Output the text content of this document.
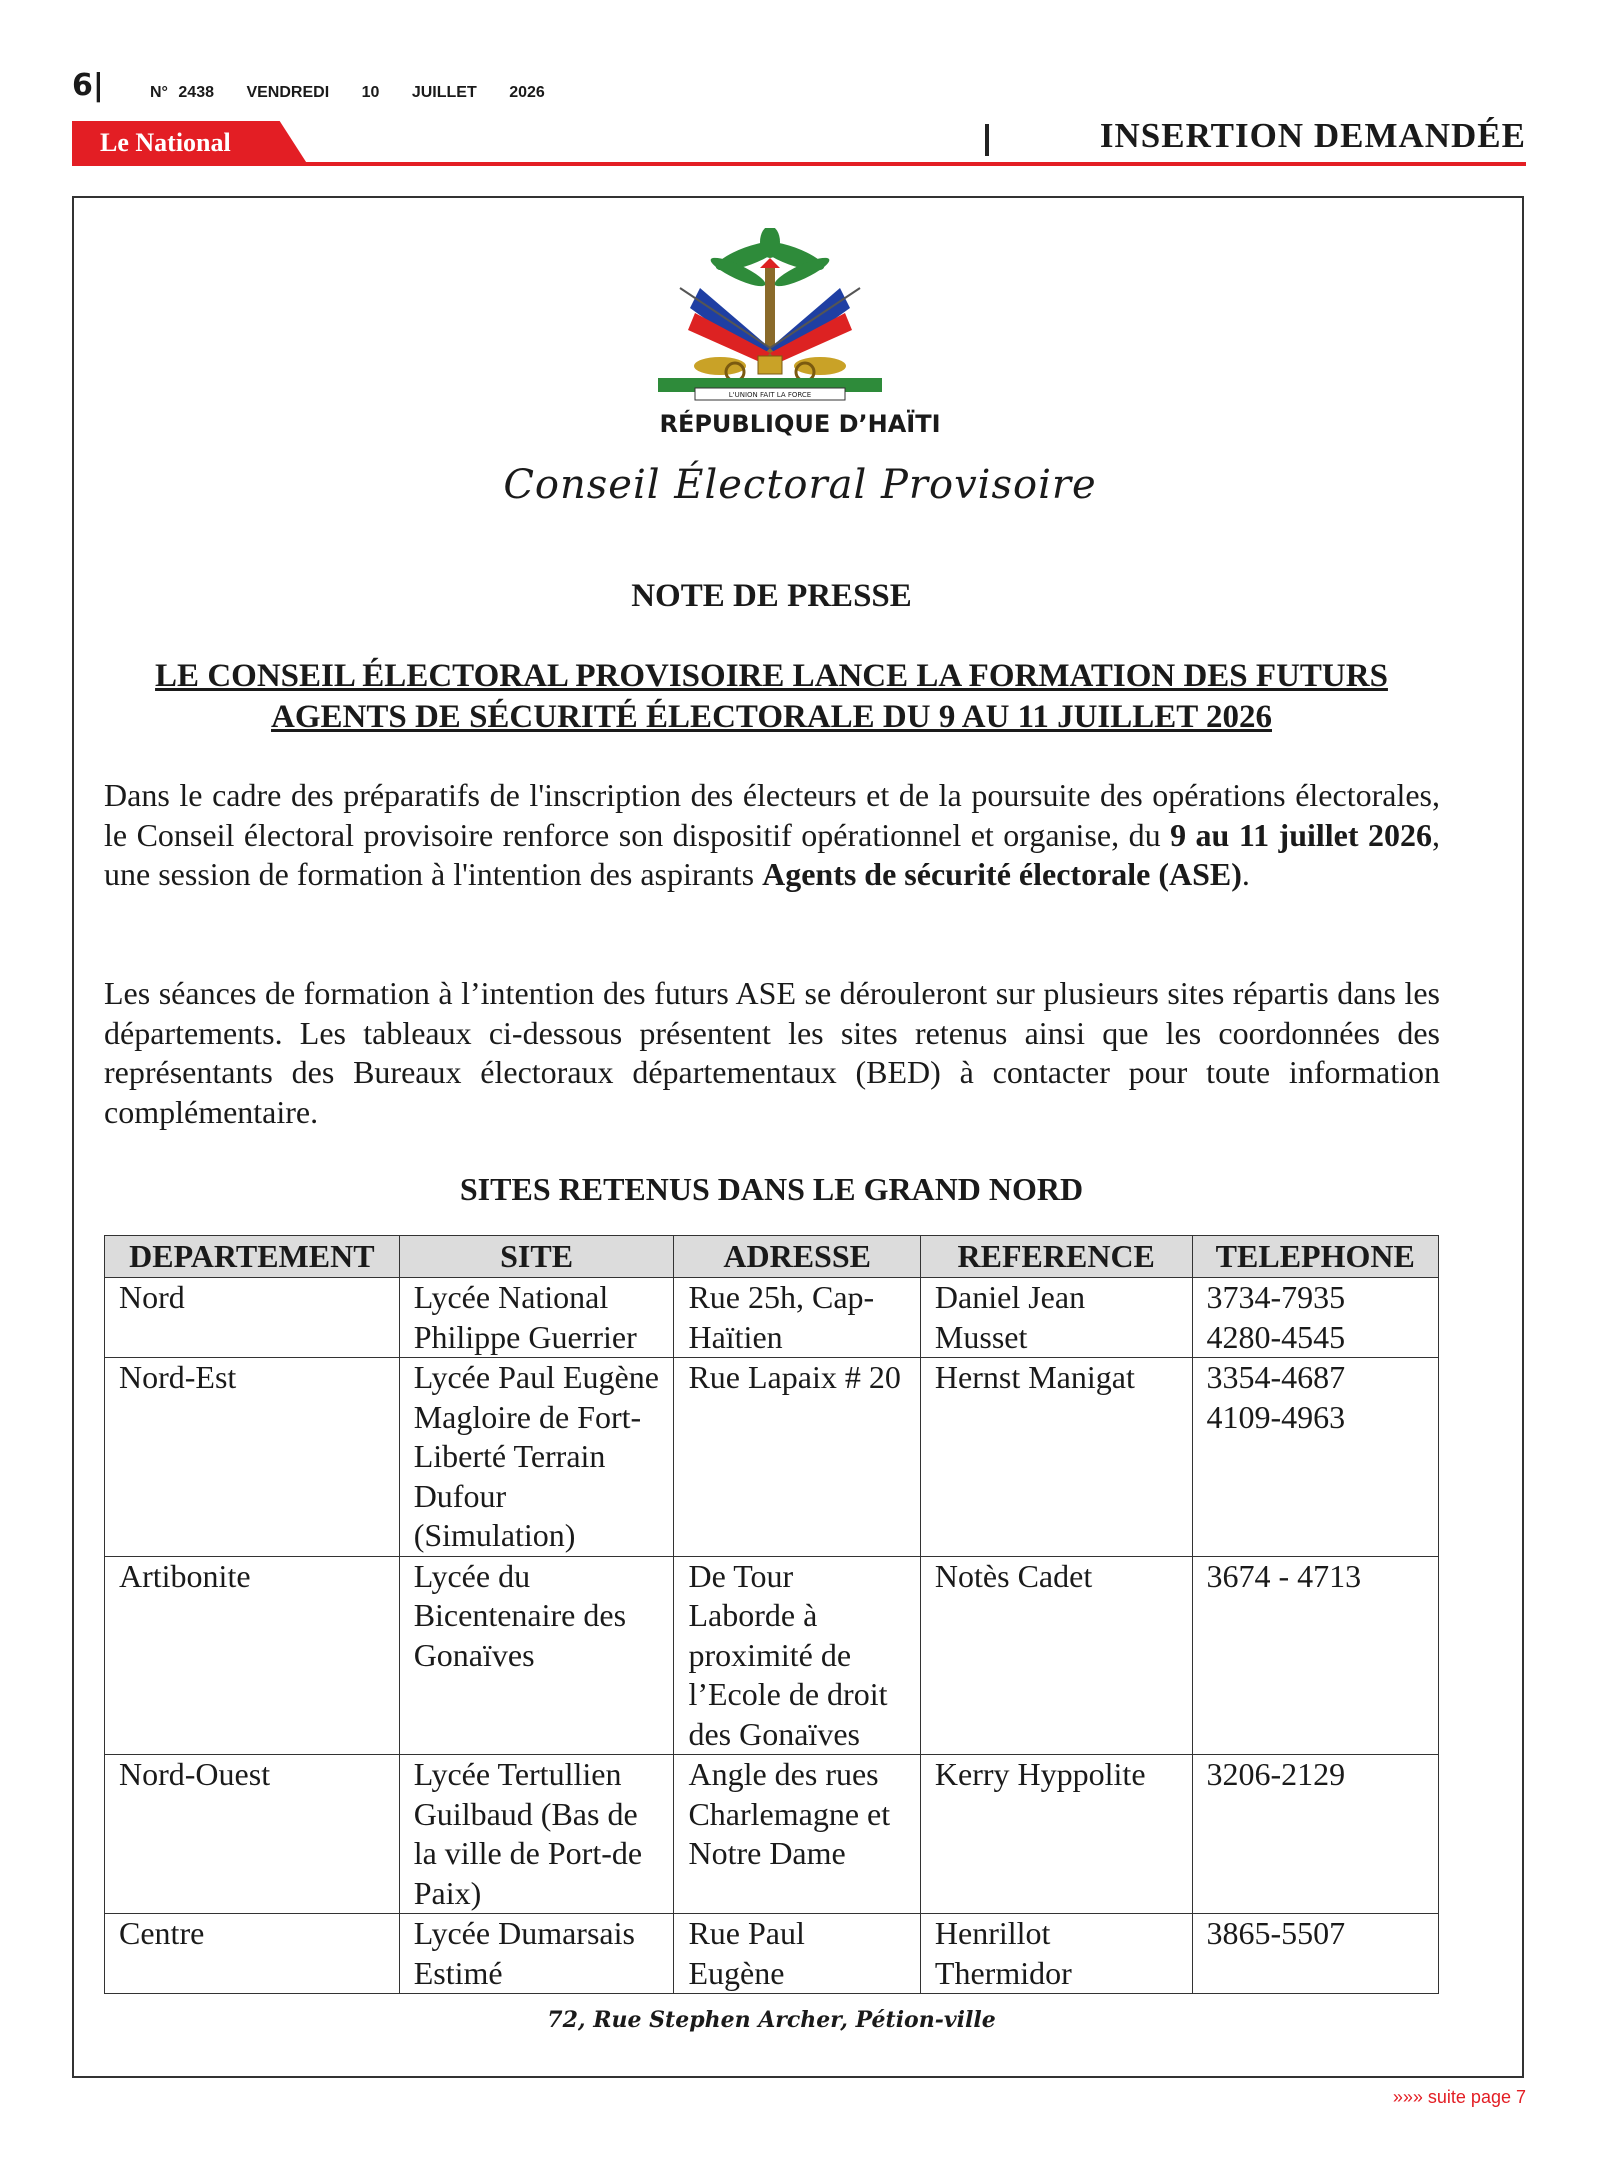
6|	N° 2438 VENDREDI 10 JUILLET 2026
Le National	INSERTION DEMANDÉE
L'UNION FAIT LA FORCE
RÉPUBLIQUE D’HAÏTI
Conseil Électoral Provisoire
NOTE DE PRESSE
LE CONSEIL ÉLECTORAL PROVISOIRE LANCE LA FORMATION DES FUTURS AGENTS DE SÉCURITÉ ÉLECTORALE DU 9 AU 11 JUILLET 2026
Dans le cadre des préparatifs de l'inscription des électeurs et de la poursuite des opérations électorales, le Conseil électoral provisoire renforce son dispositif opérationnel et organise, du 9 au 11 juillet 2026, une session de formation à l'intention des aspirants Agents de sécurité électorale (ASE).
Les séances de formation à l’intention des futurs ASE se dérouleront sur plusieurs sites répartis dans les départements. Les tableaux ci-dessous présentent les sites retenus ainsi que les coordonnées des représentants des Bureaux électoraux départementaux (BED) à contacter pour toute information complémentaire.
SITES RETENUS DANS LE GRAND NORD
DEPARTEMENT	SITE	ADRESSE	REFERENCE	TELEPHONE
Nord	Lycée National Philippe Guerrier	Rue 25h, Cap-Haïtien	Daniel Jean Musset	3734-7935 4280-4545
Nord-Est	Lycée Paul Eugène Magloire de Fort-Liberté Terrain Dufour (Simulation)	Rue Lapaix # 20	Hernst Manigat	3354-4687 4109-4963
Artibonite	Lycée du Bicentenaire des Gonaïves	De Tour Laborde à proximité de l’Ecole de droit des Gonaïves	Notès Cadet	3674 - 4713
Nord-Ouest	Lycée Tertullien Guilbaud (Bas de la ville de Port-de Paix)	Angle des rues Charlemagne et Notre Dame	Kerry Hyppolite	3206-2129
Centre	Lycée Dumarsais Estimé	Rue Paul Eugène	Henrillot Thermidor	3865-5507
72, Rue Stephen Archer, Pétion-ville
»»» suite page 7
